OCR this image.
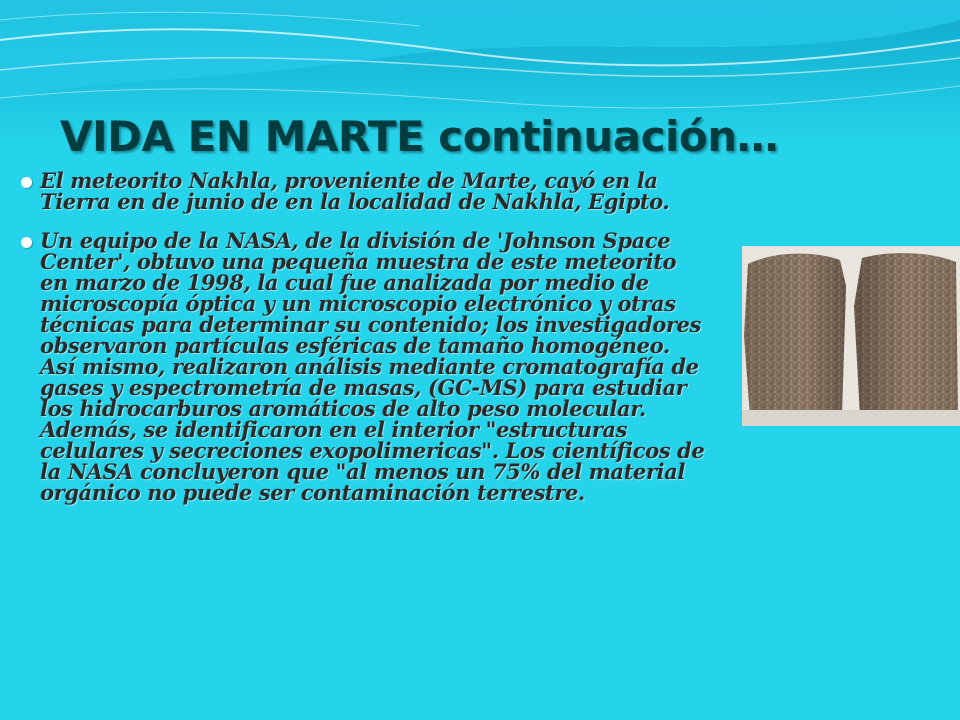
VIDA EN MARTE continuación…
El meteorito Nakhla, proveniente de Marte, cayó en la Tierra en de junio de en la localidad de Nakhla, Egipto.
Un equipo de la NASA, de la división de 'Johnson Space Center', obtuvo una pequeña muestra de este meteorito en marzo de 1998, la cual fue analizada por medio de microscopía óptica y un microscopio electrónico y otras técnicas para determinar su contenido; los investigadores observaron partículas esféricas de tamaño homogéneo. Así mismo, realizaron análisis mediante cromatografía de gases y espectrometría de masas, (GC-MS) para estudiar los hidrocarburos aromáticos de alto peso molecular. Además, se identificaron en el interior "estructuras celulares y secreciones exopolimericas". Los científicos de la NASA concluyeron que "al menos un 75% del material orgánico no puede ser contaminación terrestre.
